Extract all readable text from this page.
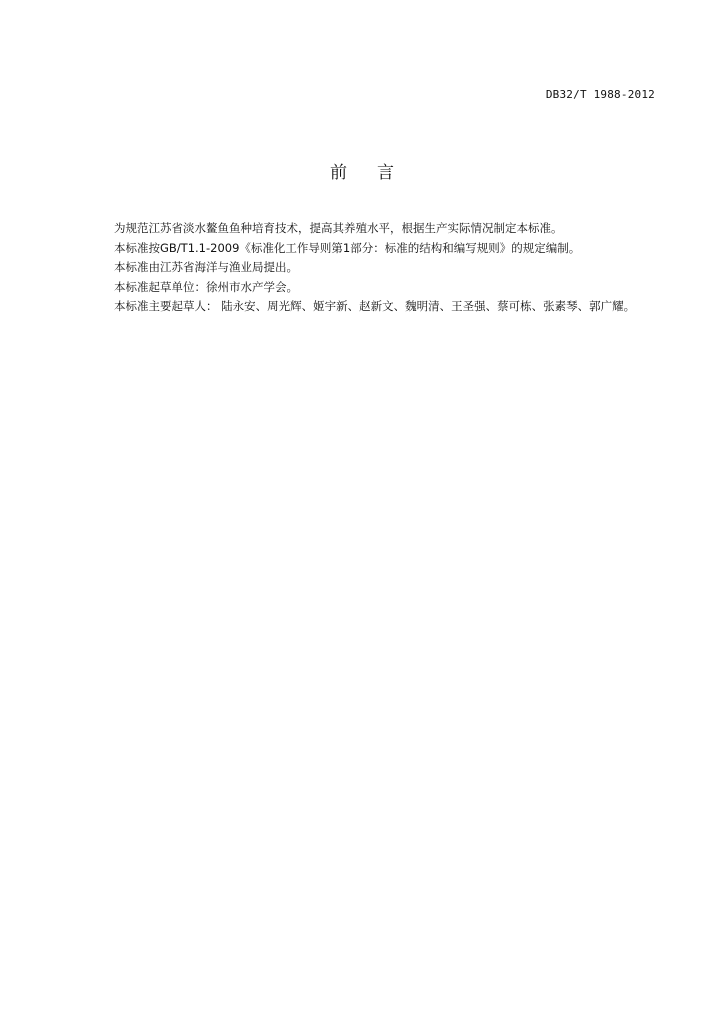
DB32/T 1988-2012
前言

为规范江苏省淡水鳌鱼鱼种培育技术，提高其养殖水平，根据生产实际情况制定本标准。

本标准按GB/T1.1-2009《标准化工作导则第1部分：标准的结构和编写规则》的规定编制。

本标准由江苏省海洋与渔业局提出。

本标准起草单位：徐州市水产学会。

本标准主要起草人： 陆永安、周光辉、姬宇新、赵新文、魏明清、王圣强、蔡可栋、张素琴、郭广耀。
